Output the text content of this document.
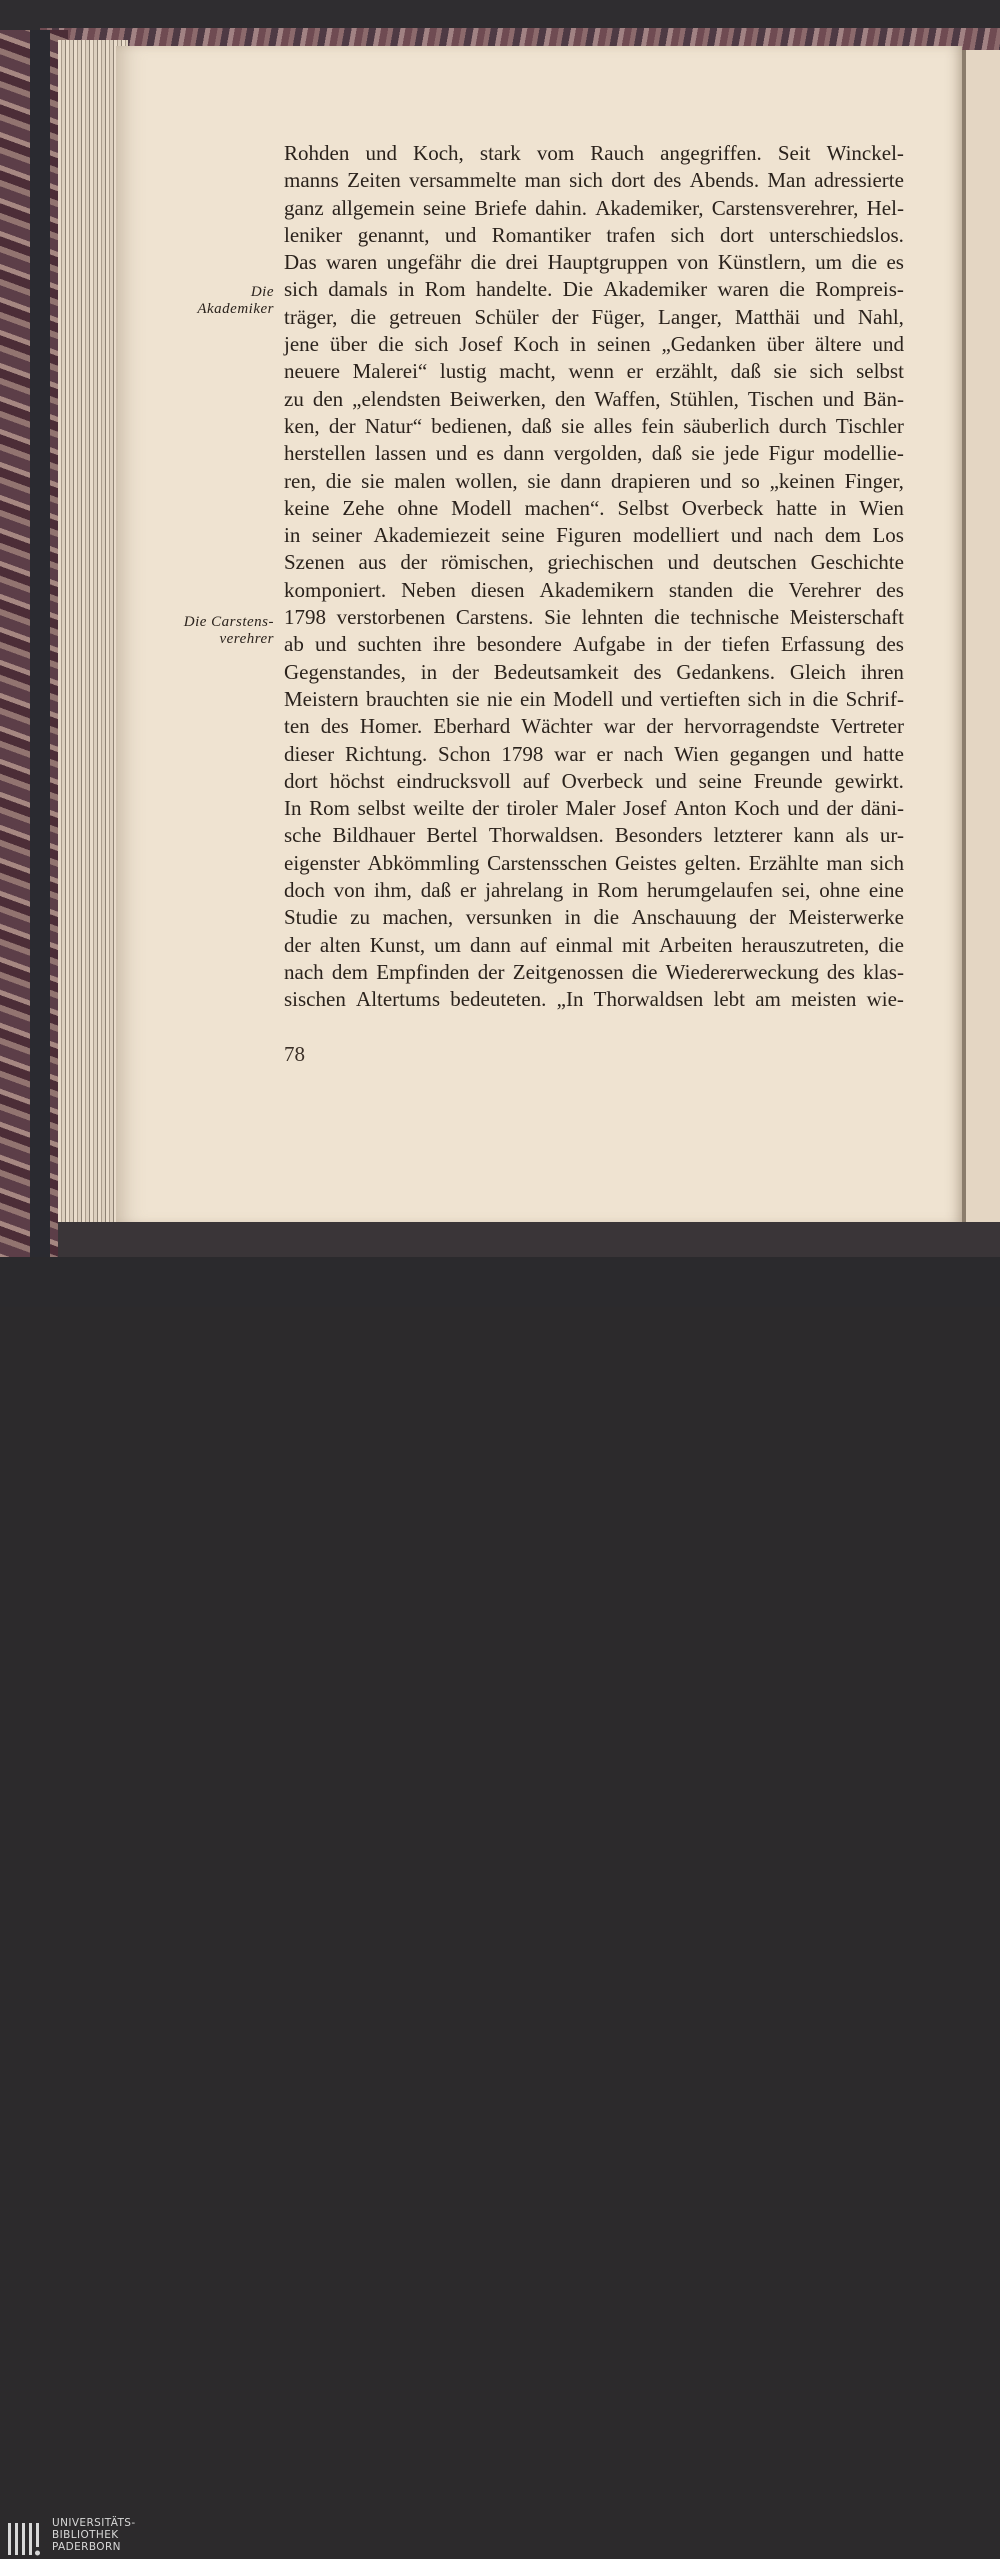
Die
Akademiker
Die Carstens-
verehrer
Rohden und Koch, stark vom Rauch angegriffen. Seit Winckel-
manns Zeiten versammelte man sich dort des Abends. Man adressierte
ganz allgemein seine Briefe dahin. Akademiker, Carstensverehrer, Hel-
leniker genannt, und Romantiker trafen sich dort unterschiedslos.
Das waren ungefähr die drei Hauptgruppen von Künstlern, um die es
sich damals in Rom handelte. Die Akademiker waren die Rompreis-
träger, die getreuen Schüler der Füger, Langer, Matthäi und Nahl,
jene über die sich Josef Koch in seinen „Gedanken über ältere und
neuere Malerei“ lustig macht, wenn er erzählt, daß sie sich selbst
zu den „elendsten Beiwerken, den Waffen, Stühlen, Tischen und Bän-
ken, der Natur“ bedienen, daß sie alles fein säuberlich durch Tischler
herstellen lassen und es dann vergolden, daß sie jede Figur modellie-
ren, die sie malen wollen, sie dann drapieren und so „keinen Finger,
keine Zehe ohne Modell machen“. Selbst Overbeck hatte in Wien
in seiner Akademiezeit seine Figuren modelliert und nach dem Los
Szenen aus der römischen, griechischen und deutschen Geschichte
komponiert. Neben diesen Akademikern standen die Verehrer des
1798 verstorbenen Carstens. Sie lehnten die technische Meisterschaft
ab und suchten ihre besondere Aufgabe in der tiefen Erfassung des
Gegenstandes, in der Bedeutsamkeit des Gedankens. Gleich ihren
Meistern brauchten sie nie ein Modell und vertieften sich in die Schrif-
ten des Homer. Eberhard Wächter war der hervorragendste Vertreter
dieser Richtung. Schon 1798 war er nach Wien gegangen und hatte
dort höchst eindrucksvoll auf Overbeck und seine Freunde gewirkt.
In Rom selbst weilte der tiroler Maler Josef Anton Koch und der däni-
sche Bildhauer Bertel Thorwaldsen. Besonders letzterer kann als ur-
eigenster Abkömmling Carstensschen Geistes gelten. Erzählte man sich
doch von ihm, daß er jahrelang in Rom herumgelaufen sei, ohne eine
Studie zu machen, versunken in die Anschauung der Meisterwerke
der alten Kunst, um dann auf einmal mit Arbeiten herauszutreten, die
nach dem Empfinden der Zeitgenossen die Wiedererweckung des klas-
sischen Altertums bedeuteten. „In Thorwaldsen lebt am meisten wie-
78
UNIVERSITÄTS-
BIBLIOTHEK
PADERBORN
